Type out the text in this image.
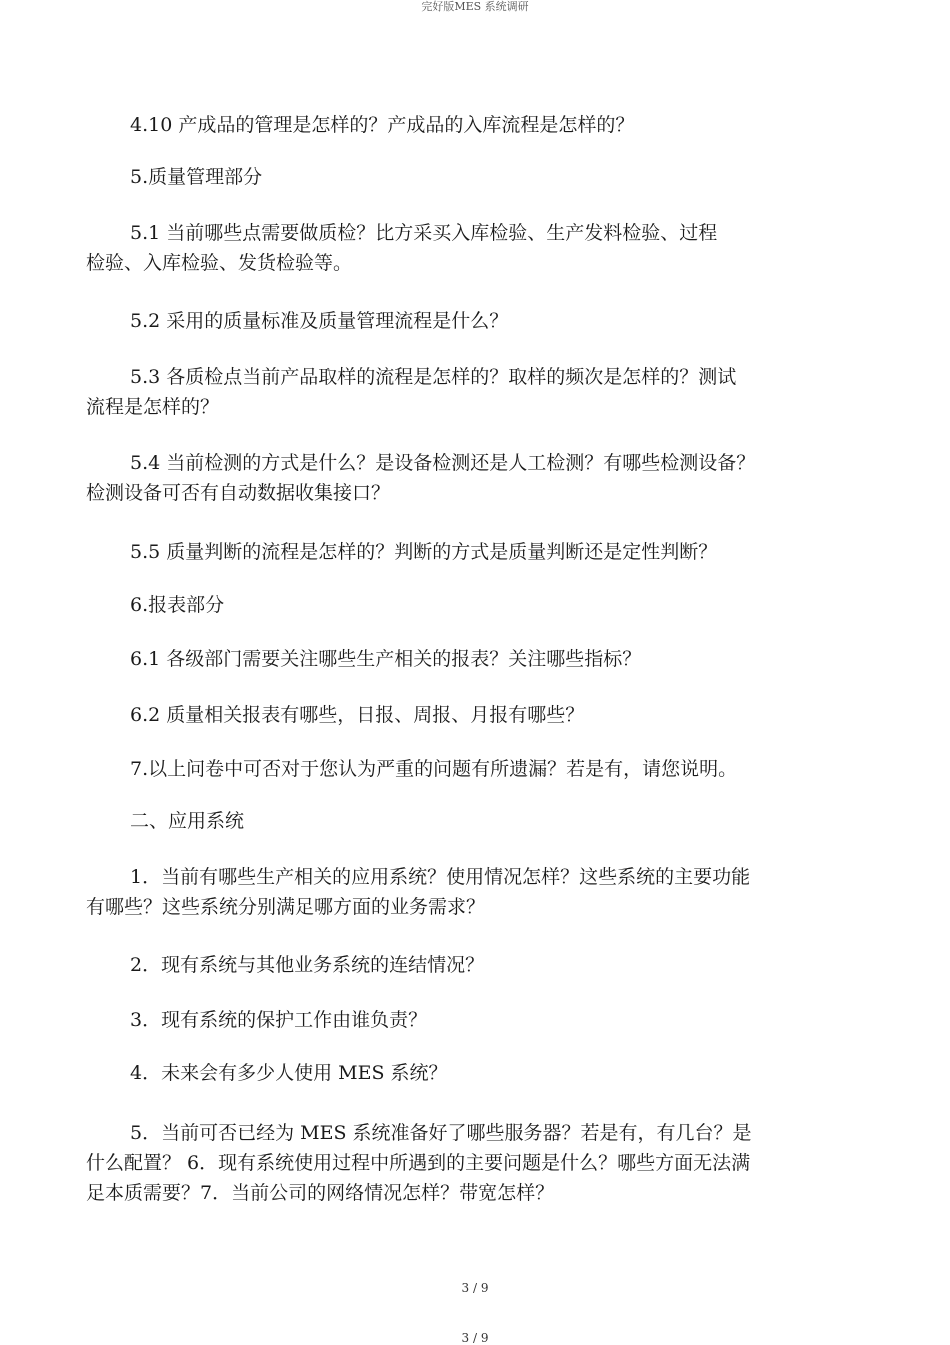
完好版MES 系统调研
4.10 产成品的管理是怎样的？产成品的入库流程是怎样的？
5.质量管理部分
5.1 当前哪些点需要做质检？比方采买入库检验、生产发料检验、过程
检验、入库检验、发货检验等。
5.2 采用的质量标准及质量管理流程是什么？
5.3 各质检点当前产品取样的流程是怎样的？取样的频次是怎样的？测试
流程是怎样的？
5.4 当前检测的方式是什么？是设备检测还是人工检测？有哪些检测设备？
检测设备可否有自动数据收集接口？
5.5 质量判断的流程是怎样的？判断的方式是质量判断还是定性判断？
6.报表部分
6.1 各级部门需要关注哪些生产相关的报表？关注哪些指标？
6.2 质量相关报表有哪些，日报、周报、月报有哪些？
7.以上问卷中可否对于您认为严重的问题有所遗漏？若是有，请您说明。
二、应用系统
1．当前有哪些生产相关的应用系统？使用情况怎样？这些系统的主要功能
有哪些？这些系统分别满足哪方面的业务需求？
2．现有系统与其他业务系统的连结情况？
3．现有系统的保护工作由谁负责？
4．未来会有多少人使用 MES 系统？
5．当前可否已经为 MES 系统准备好了哪些服务器？若是有，有几台？是
什么配置？ 6．现有系统使用过程中所遇到的主要问题是什么？哪些方面无法满
足本质需要？7．当前公司的网络情况怎样？带宽怎样？
3 / 9
3 / 9
